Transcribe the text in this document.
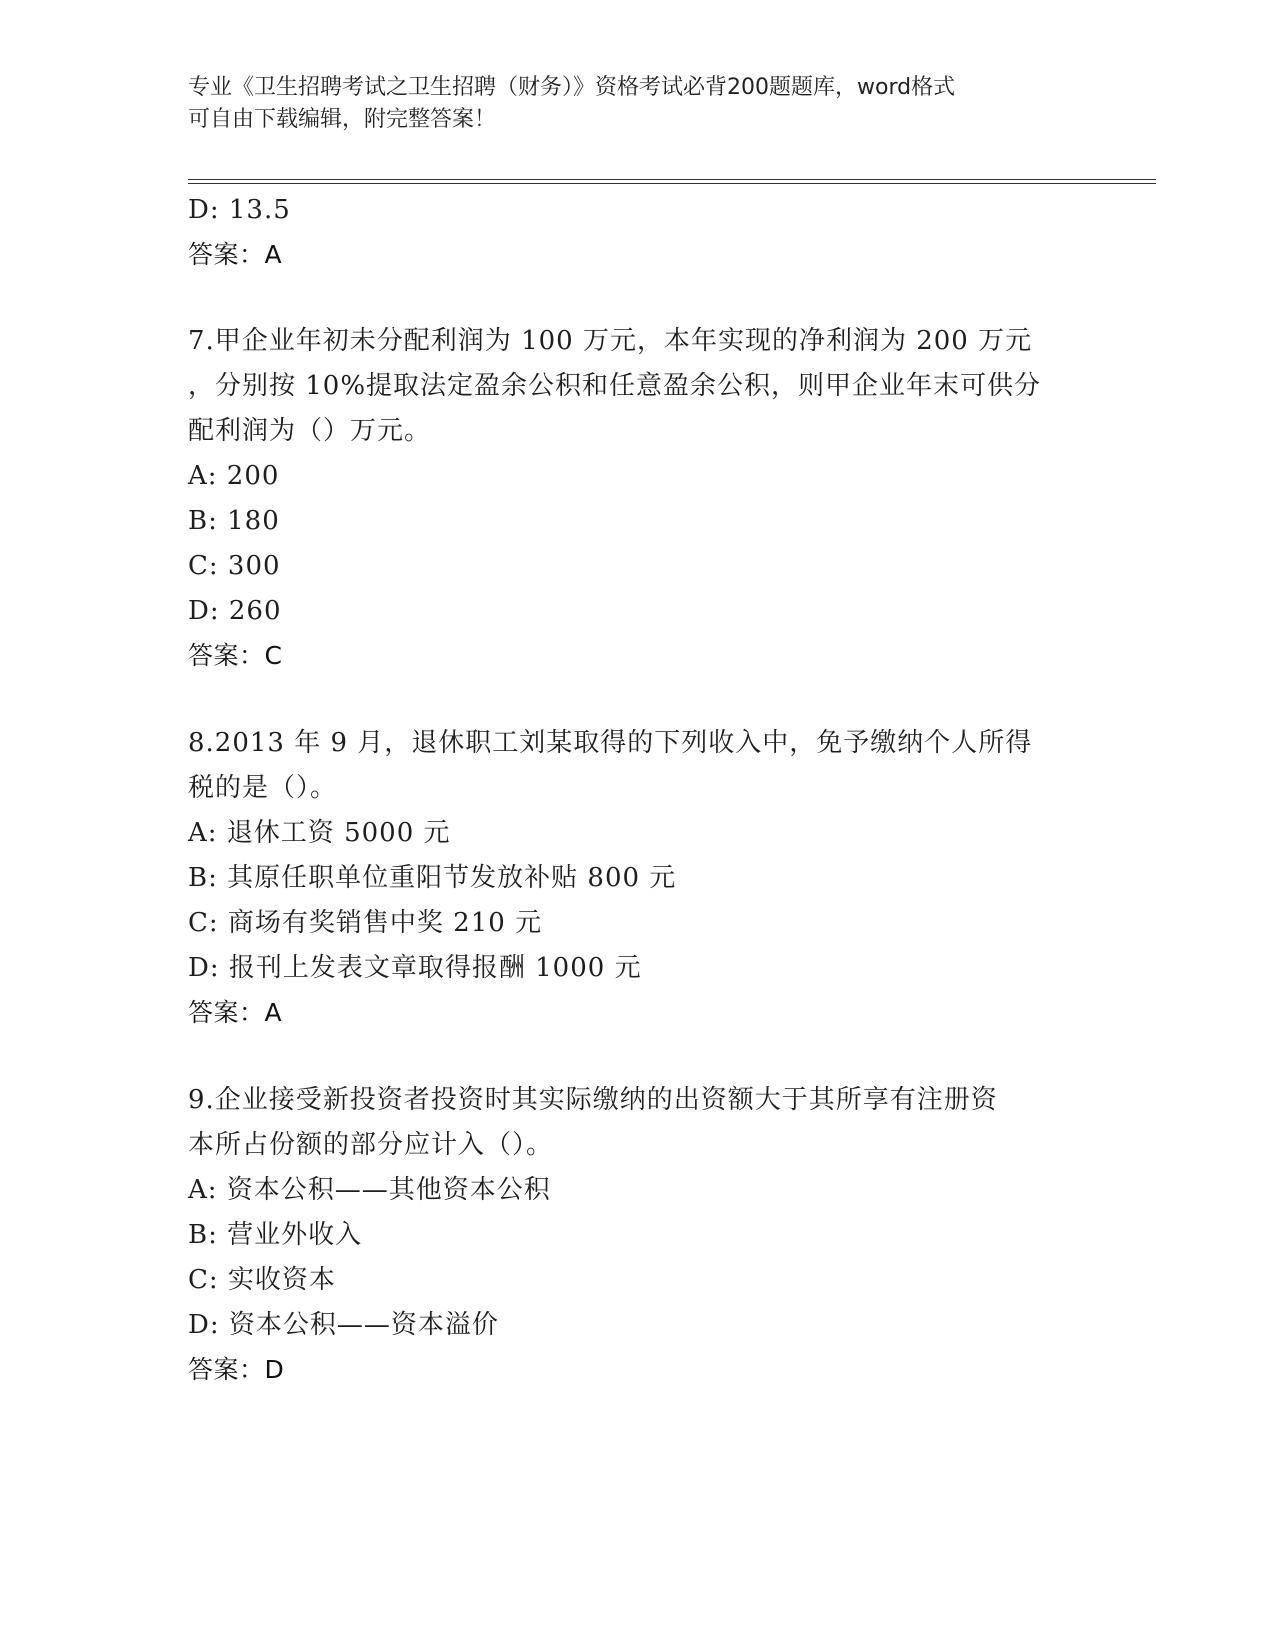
专业《卫生招聘考试之卫生招聘（财务）》资格考试必背200题题库，word格式
可自由下载编辑，附完整答案！
D: 13.5
答案：A
7.甲企业年初未分配利润为 100 万元，本年实现的净利润为 200 万元
，分别按 10%提取法定盈余公积和任意盈余公积，则甲企业年末可供分
配利润为（）万元。
A: 200
B: 180
C: 300
D: 260
答案：C
8.2013 年 9 月，退休职工刘某取得的下列收入中，免予缴纳个人所得
税的是（）。
A: 退休工资 5000 元
B: 其原任职单位重阳节发放补贴 800 元
C: 商场有奖销售中奖 210 元
D: 报刊上发表文章取得报酬 1000 元
答案：A
9.企业接受新投资者投资时其实际缴纳的出资额大于其所享有注册资
本所占份额的部分应计入（）。
A: 资本公积——其他资本公积
B: 营业外收入
C: 实收资本
D: 资本公积——资本溢价
答案：D
